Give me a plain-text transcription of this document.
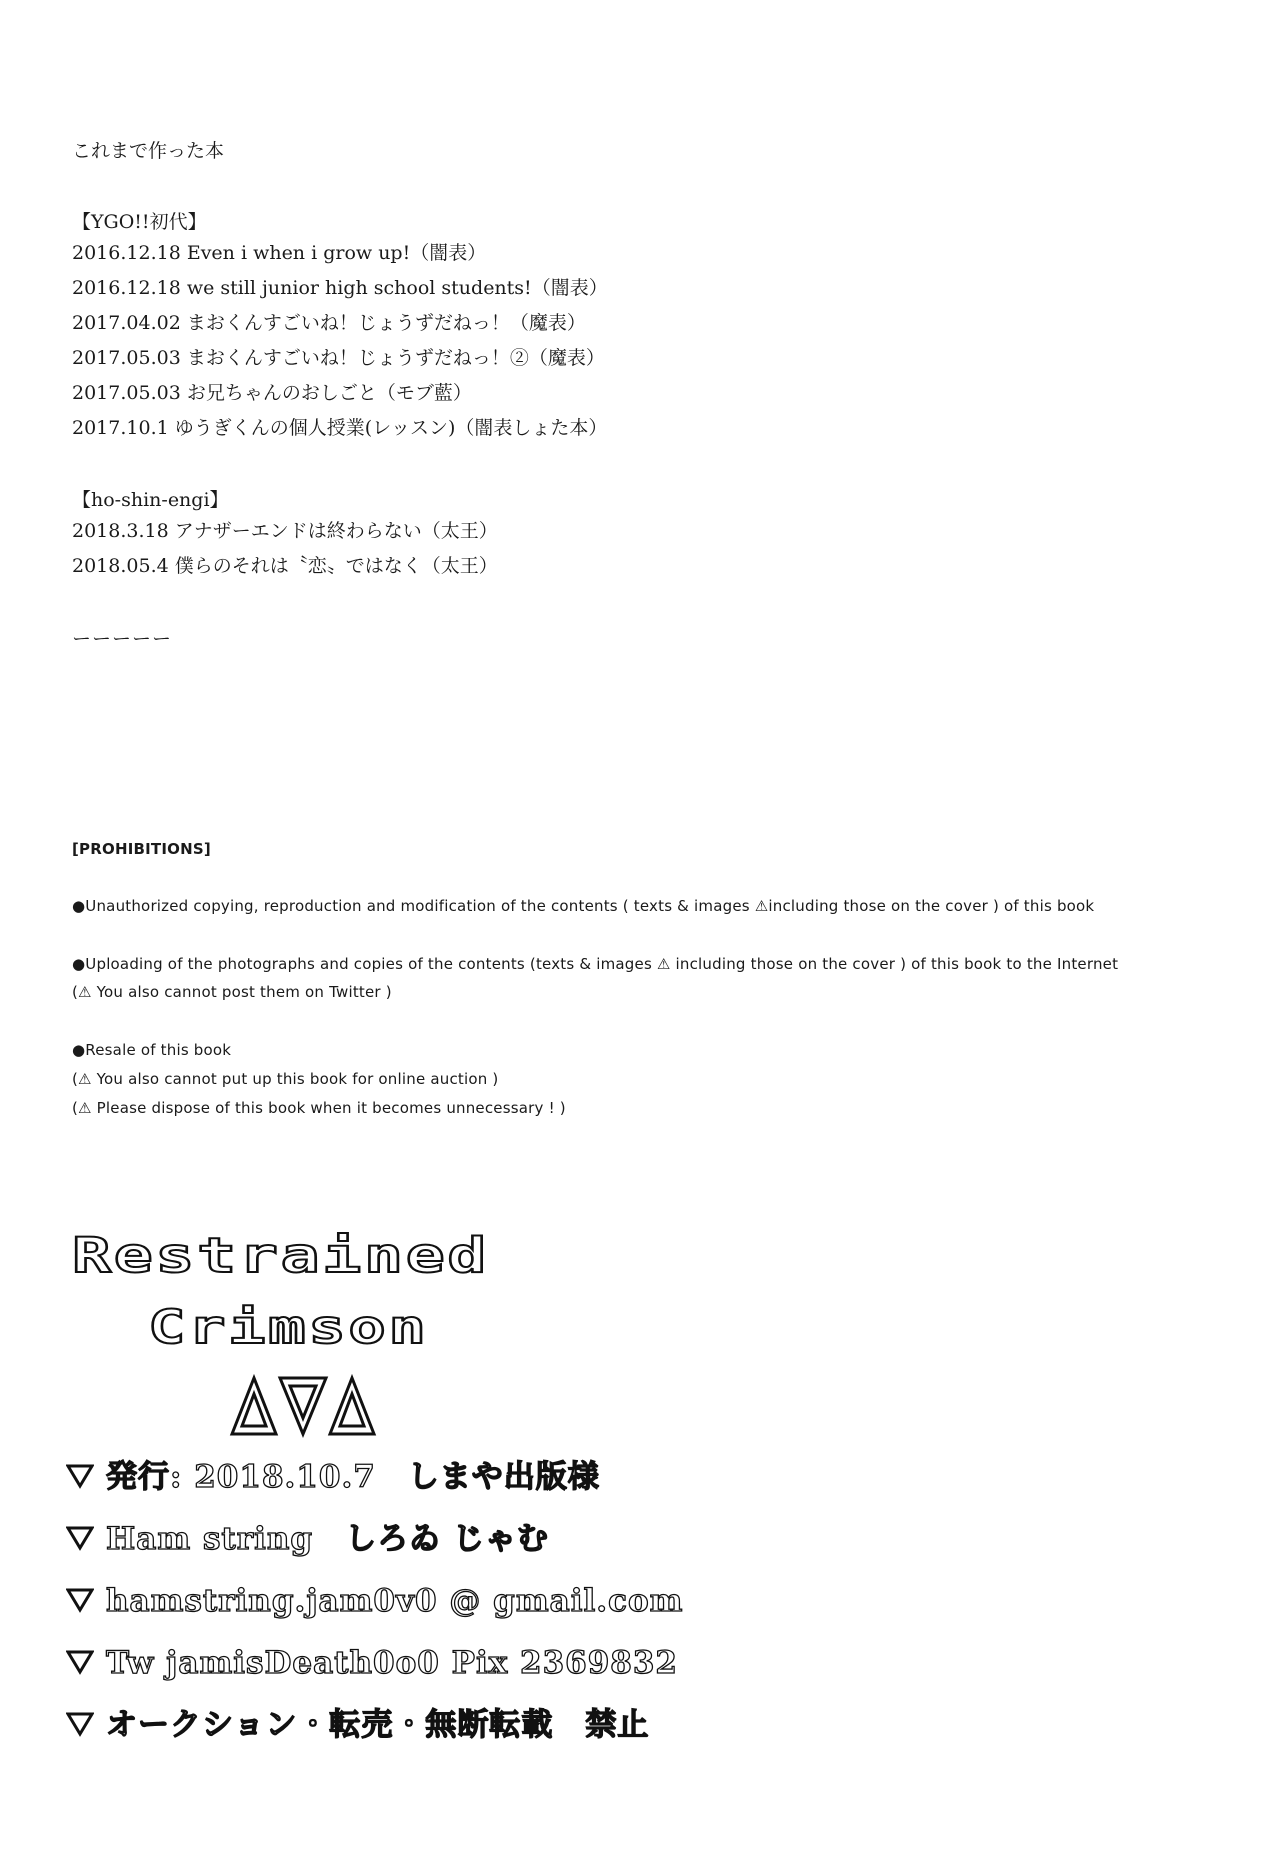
これまで作った本
【YGO!!初代】
2016.12.18 Even i when i grow up!（闇表）
2016.12.18 we still junior high school students!（闇表）
2017.04.02 まおくんすごいね！じょうずだねっ！（魔表）
2017.05.03 まおくんすごいね！じょうずだねっ！②（魔表）
2017.05.03 お兄ちゃんのおしごと（モブ藍）
2017.10.1 ゆうぎくんの個人授業(レッスン)（闇表しょた本）
【ho-shin-engi】
2018.3.18 アナザーエンドは終わらない（太王）
2018.05.4 僕らのそれは〝恋〟ではなく（太王）
ーーーーー
[PROHIBITIONS]
●Unauthorized copying, reproduction and modification of the contents ( texts & images ⚠including those on the cover ) of this book
●Uploading of the photographs and copies of the contents (texts & images ⚠ including those on the cover ) of this book to the Internet
(⚠ You also cannot post them on Twitter )
●Resale of this book
(⚠ You also cannot put up this book for online auction )
(⚠ Please dispose of this book when it becomes unnecessary ! )
Restrained
Crimson
発行: 2018.10.7　しまや出版様
Ham string　しろゐ じゃむ
hamstring.jam0v0 @ gmail.com
Tw jamisDeath0o0 Pix 2369832
オークション・転売・無断転載　禁止
